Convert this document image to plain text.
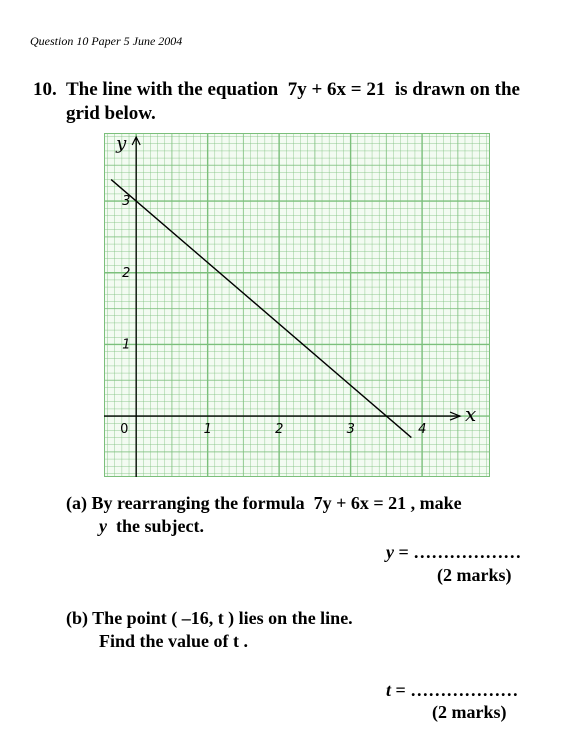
Question 10 Paper 5 June 2004
10. The line with the equation 7y + 6x = 21 is drawn on the
grid below.
x
y
0	1	2	3	4
1
2
3
(a) By rearranging the formula 7y + 6x = 21 , make
y the subject.
y = ………………
(2 marks)
(b) The point ( –16, t ) lies on the line.
Find the value of t .
t = ………………
(2 marks)
